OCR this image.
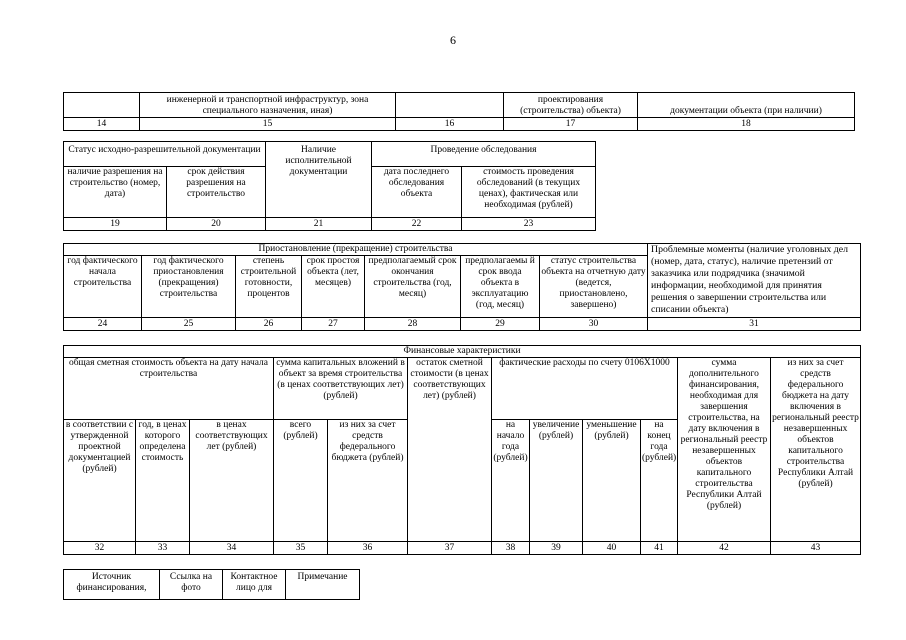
6
	инженерной и транспортной инфраструктур, зона специального назначения, иная)		проектирования (строительства) объекта)	документации объекта (при наличии)
14	15	16	17	18
Статус исходно-разрешительной документации		Наличие исполнительной документации	Проведение обследования	
наличие разрешения на строительство (номер, дата)	срок действия разрешения на строительство		дата последнего обследования объекта	стоимость проведения обследований (в текущих ценах), фактическая или необходимая (рублей)
19	20	21	22	23
Приостановление (прекращение) строительства							Проблемные моменты (наличие уголовных дел (номер, дата, статус), наличие претензий от заказчика или подрядчика (значимой информации, необходимой для принятия решения о завершении строительства или списании объекта)
год фактического начала строительства	год фактического приостановления (прекращения) строительства	степень строительной готовности, процентов	срок простоя объекта (лет, месяцев)	предполагаемый срок окончания строительства (год, месяц)	предполагаемы й срок ввода объекта в эксплуатацию (год, месяц)	статус строительства объекта на отчетную дату (ведется, приостановлено, завершено)	
24	25	26	27	28	29	30	31
Финансовые характеристики											
общая сметная стоимость объекта на дату начала строительства			сумма капитальных вложений в объект за время строительства (в ценах соответствующих лет) (рублей)		остаток сметной стоимости (в ценах соответствующих лет) (рублей)	фактические расходы по счету 0106Х1000				сумма дополнительного финансирования, необходимая для завершения строительства, на дату включения в региональный реестр незавершенных объектов капитального строительства Республики Алтай (рублей)	из них за счет средств федерального бюджета на дату включения в региональный реестр незавершенных объектов капитального строительства Республики Алтай (рублей)
в соответствии с утвержденной проектной документацией (рублей)	год, в ценах которого определена стоимость	в ценах соответствующих лет (рублей)	всего (рублей)	из них за счет средств федерального бюджета (рублей)		на начало года (рублей)	увеличение (рублей)	уменьшение (рублей)	на конец года (рублей)		
32	33	34	35	36	37	38	39	40	41	42	43
Источник финансирования,	Ссылка на фото	Контактное лицо для	Примечание
